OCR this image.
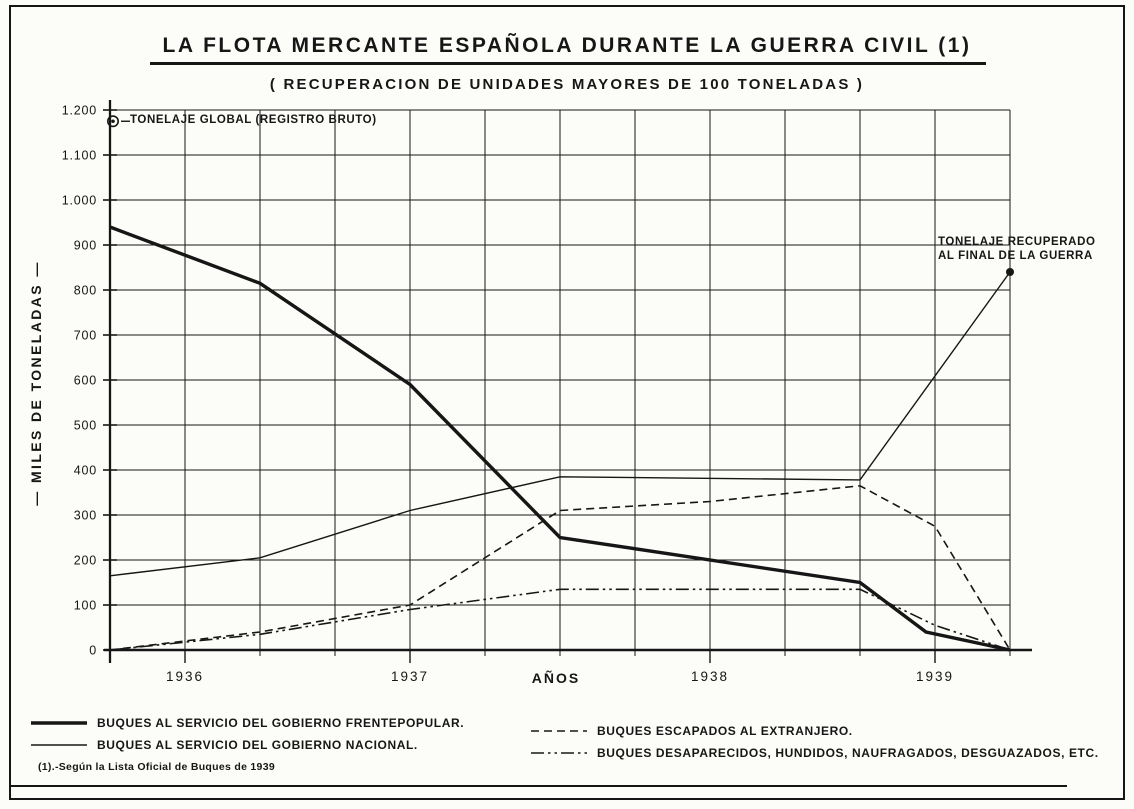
LA FLOTA MERCANTE ESPAÑOLA DURANTE LA GUERRA CIVIL (1)
( RECUPERACION DE UNIDADES MAYORES DE 100 TONELADAS )
— MILES DE TONELADAS —
0
100
200
300
400
500
600
700
800
900
1.000
1.100
1.200
1936	1937	1938	1939
AÑOS
TONELAJE GLOBAL (REGISTRO BRUTO)
TONELAJE RECUPERADO
AL FINAL DE LA GUERRA
BUQUES AL SERVICIO DEL GOBIERNO FRENTEPOPULAR.
BUQUES AL SERVICIO DEL GOBIERNO NACIONAL.
BUQUES ESCAPADOS AL EXTRANJERO.
BUQUES DESAPARECIDOS, HUNDIDOS, NAUFRAGADOS, DESGUAZADOS, ETC.
(1).-Según la Lista Oficial de Buques de 1939
